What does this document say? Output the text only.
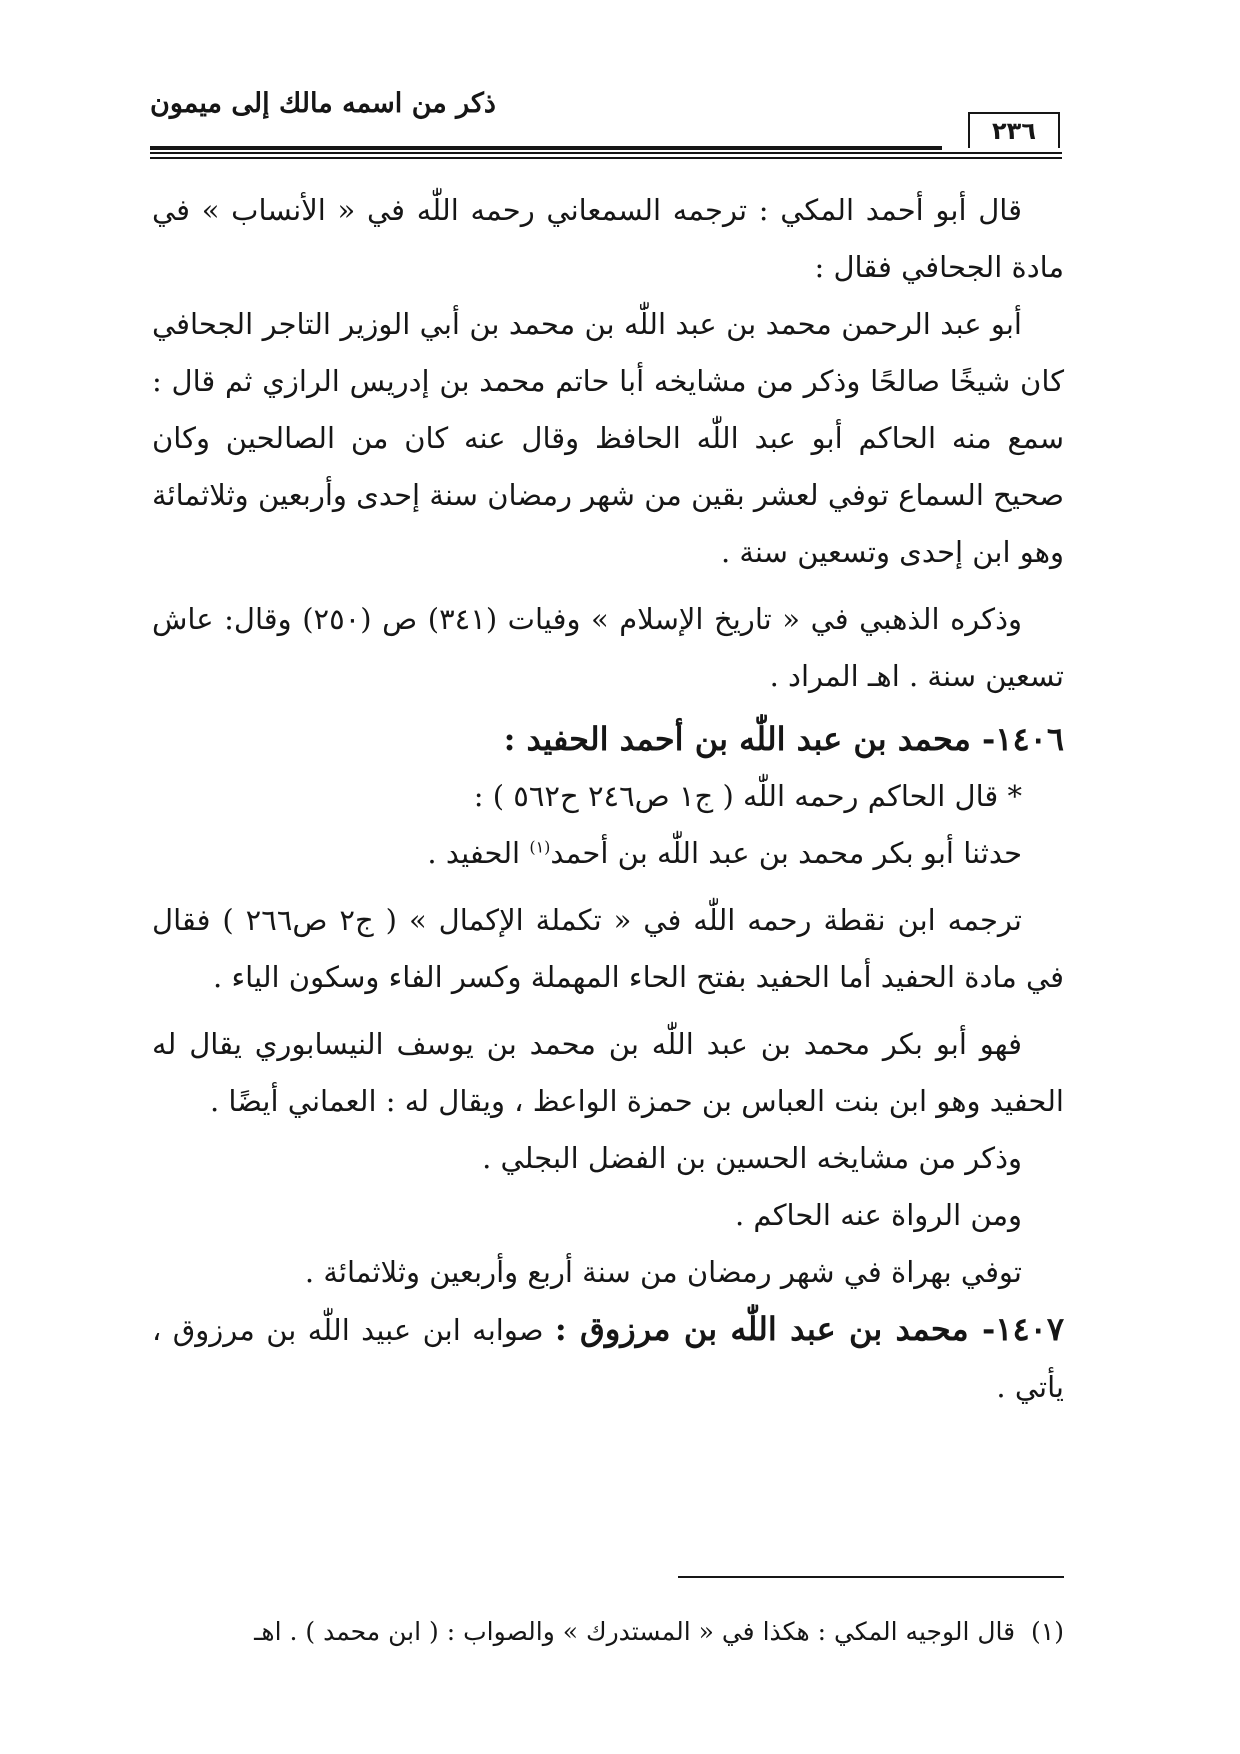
ذكر من اسمه مالك إلى ميمون
٢٣٦

قال أبو أحمد المكي : ترجمه السمعاني رحمه اللّٰه في « الأنساب » في مادة الجحافي فقال :

أبو عبد الرحمن محمد بن عبد اللّٰه بن محمد بن أبي الوزير التاجر الجحافي كان شيخًا صالحًا وذكر من مشايخه أبا حاتم محمد بن إدريس الرازي ثم قال : سمع منه الحاكم أبو عبد اللّٰه الحافظ وقال عنه كان من الصالحين وكان صحيح السماع توفي لعشر بقين من شهر رمضان سنة إحدى وأربعين وثلاثمائة وهو ابن إحدى وتسعين سنة .

وذكره الذهبي في « تاريخ الإسلام » وفيات (٣٤١) ص (٢٥٠) وقال: عاش تسعين سنة . اهـ المراد .

١٤٠٦- محمد بن عبد اللّٰه بن أحمد الحفيد :

* قال الحاكم رحمه اللّٰه ( ج١ ص٢٤٦ ح٥٦٢ ) :

حدثنا أبو بكر محمد بن عبد اللّٰه بن أحمد$^{(١)}$ الحفيد .

ترجمه ابن نقطة رحمه اللّٰه في « تكملة الإكمال » ( ج٢ ص٢٦٦ ) فقال في مادة الحفيد أما الحفيد بفتح الحاء المهملة وكسر الفاء وسكون الياء .

فهو أبو بكر محمد بن عبد اللّٰه بن محمد بن يوسف النيسابوري يقال له الحفيد وهو ابن بنت العباس بن حمزة الواعظ ، ويقال له : العماني أيضًا .

وذكر من مشايخه الحسين بن الفضل البجلي .

ومن الرواة عنه الحاكم .

توفي بهراة في شهر رمضان من سنة أربع وأربعين وثلاثمائة .

١٤٠٧- محمد بن عبد اللّٰه بن مرزوق : صوابه ابن عبيد اللّٰه بن مرزوق ، يأتي .

(١)  قال الوجيه المكي : هكذا في « المستدرك » والصواب : ( ابن محمد ) . اهـ
